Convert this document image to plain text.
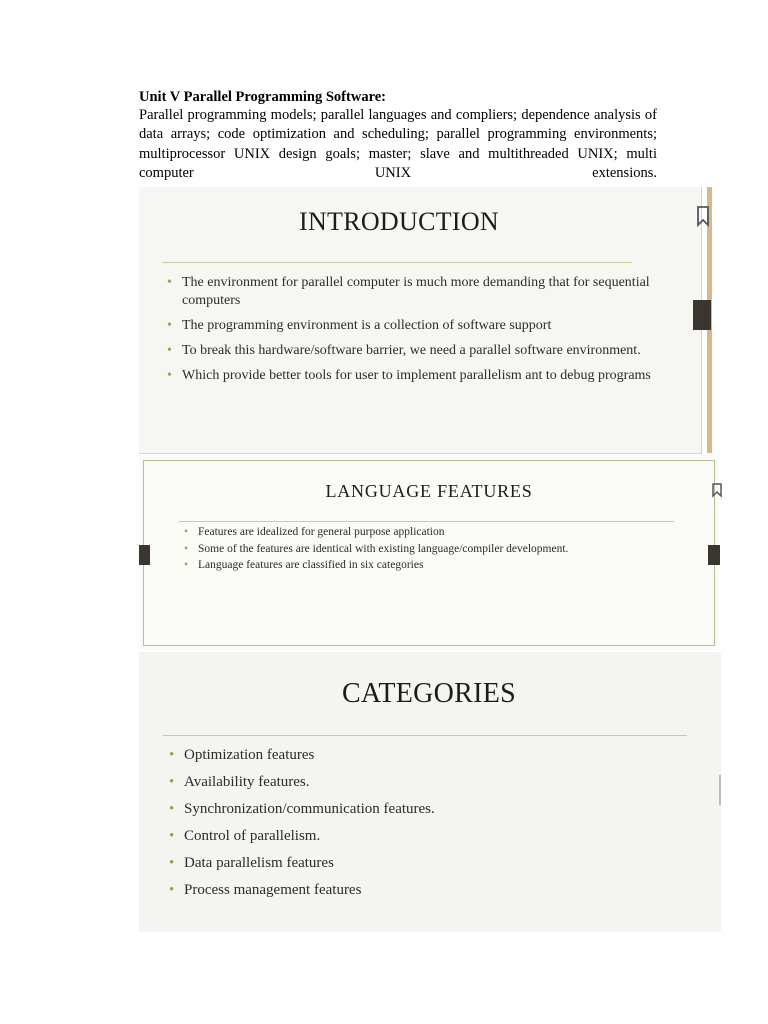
Unit V Parallel Programming Software:

Parallel programming models; parallel languages and compliers; dependence analysis of data arrays; code optimization and scheduling; parallel programming environments; multiprocessor UNIX design goals; master; slave and multithreaded UNIX; multi computer UNIX extensions.

INTRODUCTION
• The environment for parallel computer is much more demanding that for sequential computers
• The programming environment is a collection of software support
• To break this hardware/software barrier, we need a parallel software environment.
• Which provide better tools for user to implement parallelism ant to debug programs
LANGUAGE FEATURES
• Features are idealized for general purpose application
• Some of the features are identical with existing language/compiler development.
• Language features are classified in six categories
CATEGORIES
• Optimization features
• Availability features.
• Synchronization/communication features.
• Control of parallelism.
• Data parallelism features
• Process management features
